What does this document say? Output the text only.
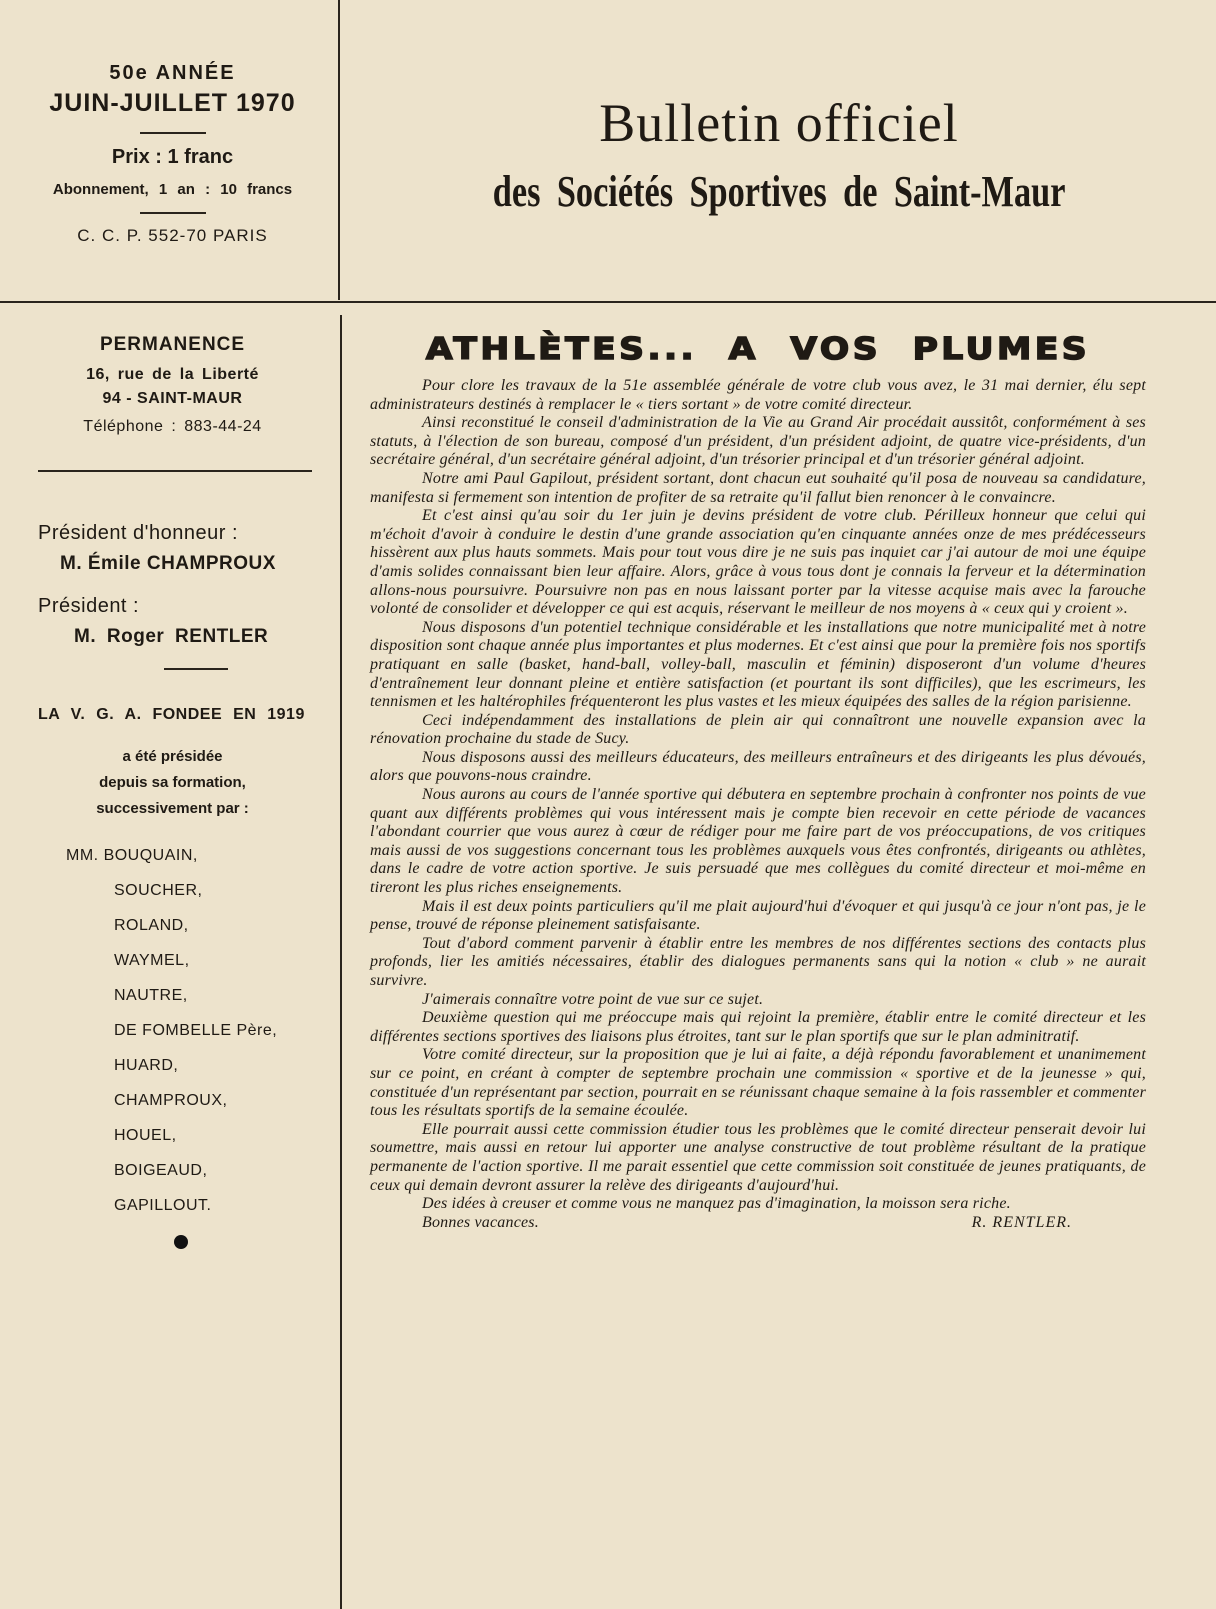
50e ANNÉE
JUIN-JUILLET 1970
Prix : 1 franc
Abonnement, 1 an : 10 francs
C. C. P. 552-70 PARIS
Bulletin officiel
des Sociétés Sportives de Saint-Maur
PERMANENCE
16, rue de la Liberté
94 - SAINT-MAUR
Téléphone : 883-44-24
Président d'honneur :
M. Émile CHAMPROUX
Président :
M. Roger RENTLER
LA V. G. A. FONDEE EN 1919
a été présidée
depuis sa formation,
successivement par :
MM. BOUQUAIN,
SOUCHER,
ROLAND,
WAYMEL,
NAUTRE,
DE FOMBELLE Père,
HUARD,
CHAMPROUX,
HOUEL,
BOIGEAUD,
GAPILLOUT.
ATHLÈTES... A VOS PLUMES

Pour clore les travaux de la 51e assemblée générale de votre club vous avez, le 31 mai dernier, élu sept administrateurs destinés à remplacer le « tiers sortant » de votre comité directeur.

Ainsi reconstitué le conseil d'administration de la Vie au Grand Air procédait aussitôt, conformément à ses statuts, à l'élection de son bureau, composé d'un président, d'un président adjoint, de quatre vice-présidents, d'un secrétaire général, d'un secrétaire général adjoint, d'un trésorier principal et d'un trésorier général adjoint.

Notre ami Paul Gapilout, président sortant, dont chacun eut souhaité qu'il posa de nouveau sa candidature, manifesta si fermement son intention de profiter de sa retraite qu'il fallut bien renoncer à le convaincre.

Et c'est ainsi qu'au soir du 1er juin je devins président de votre club. Périlleux honneur que celui qui m'échoit d'avoir à conduire le destin d'une grande association qu'en cinquante années onze de mes prédécesseurs hissèrent aux plus hauts sommets. Mais pour tout vous dire je ne suis pas inquiet car j'ai autour de moi une équipe d'amis solides connaissant bien leur affaire. Alors, grâce à vous tous dont je connais la ferveur et la détermination allons-nous poursuivre. Poursuivre non pas en nous laissant porter par la vitesse acquise mais avec la farouche volonté de consolider et développer ce qui est acquis, réservant le meilleur de nos moyens à « ceux qui y croient ».

Nous disposons d'un potentiel technique considérable et les installations que notre municipalité met à notre disposition sont chaque année plus importantes et plus modernes. Et c'est ainsi que pour la première fois nos sportifs pratiquant en salle (basket, hand-ball, volley-ball, masculin et féminin) disposeront d'un volume d'heures d'entraînement leur donnant pleine et entière satisfaction (et pourtant ils sont difficiles), que les escrimeurs, les tennismen et les haltérophiles fréquenteront les plus vastes et les mieux équipées des salles de la région parisienne.

Ceci indépendamment des installations de plein air qui connaîtront une nouvelle expansion avec la rénovation prochaine du stade de Sucy.

Nous disposons aussi des meilleurs éducateurs, des meilleurs entraîneurs et des dirigeants les plus dévoués, alors que pouvons-nous craindre.

Nous aurons au cours de l'année sportive qui débutera en septembre prochain à confronter nos points de vue quant aux différents problèmes qui vous intéressent mais je compte bien recevoir en cette période de vacances l'abondant courrier que vous aurez à cœur de rédiger pour me faire part de vos préoccupations, de vos critiques mais aussi de vos suggestions concernant tous les problèmes auxquels vous êtes confrontés, dirigeants ou athlètes, dans le cadre de votre action sportive. Je suis persuadé que mes collègues du comité directeur et moi-même en tireront les plus riches enseignements.

Mais il est deux points particuliers qu'il me plait aujourd'hui d'évoquer et qui jusqu'à ce jour n'ont pas, je le pense, trouvé de réponse pleinement satisfaisante.

Tout d'abord comment parvenir à établir entre les membres de nos différentes sections des contacts plus profonds, lier les amitiés nécessaires, établir des dialogues permanents sans qui la notion « club » ne aurait survivre.

J'aimerais connaître votre point de vue sur ce sujet.

Deuxième question qui me préoccupe mais qui rejoint la première, établir entre le comité directeur et les différentes sections sportives des liaisons plus étroites, tant sur le plan sportifs que sur le plan adminitratif.

Votre comité directeur, sur la proposition que je lui ai faite, a déjà répondu favorablement et unanimement sur ce point, en créant à compter de septembre prochain une commission « sportive et de la jeunesse » qui, constituée d'un représentant par section, pourrait en se réunissant chaque semaine à la fois rassembler et commenter tous les résultats sportifs de la semaine écoulée.

Elle pourrait aussi cette commission étudier tous les problèmes que le comité directeur penserait devoir lui soumettre, mais aussi en retour lui apporter une analyse constructive de tout problème résultant de la pratique permanente de l'action sportive. Il me parait essentiel que cette commission soit constituée de jeunes pratiquants, de ceux qui demain devront assurer la relève des dirigeants d'aujourd'hui.

Des idées à creuser et comme vous ne manquez pas d'imagination, la moisson sera riche.

Bonnes vacances.	R. RENTLER.
